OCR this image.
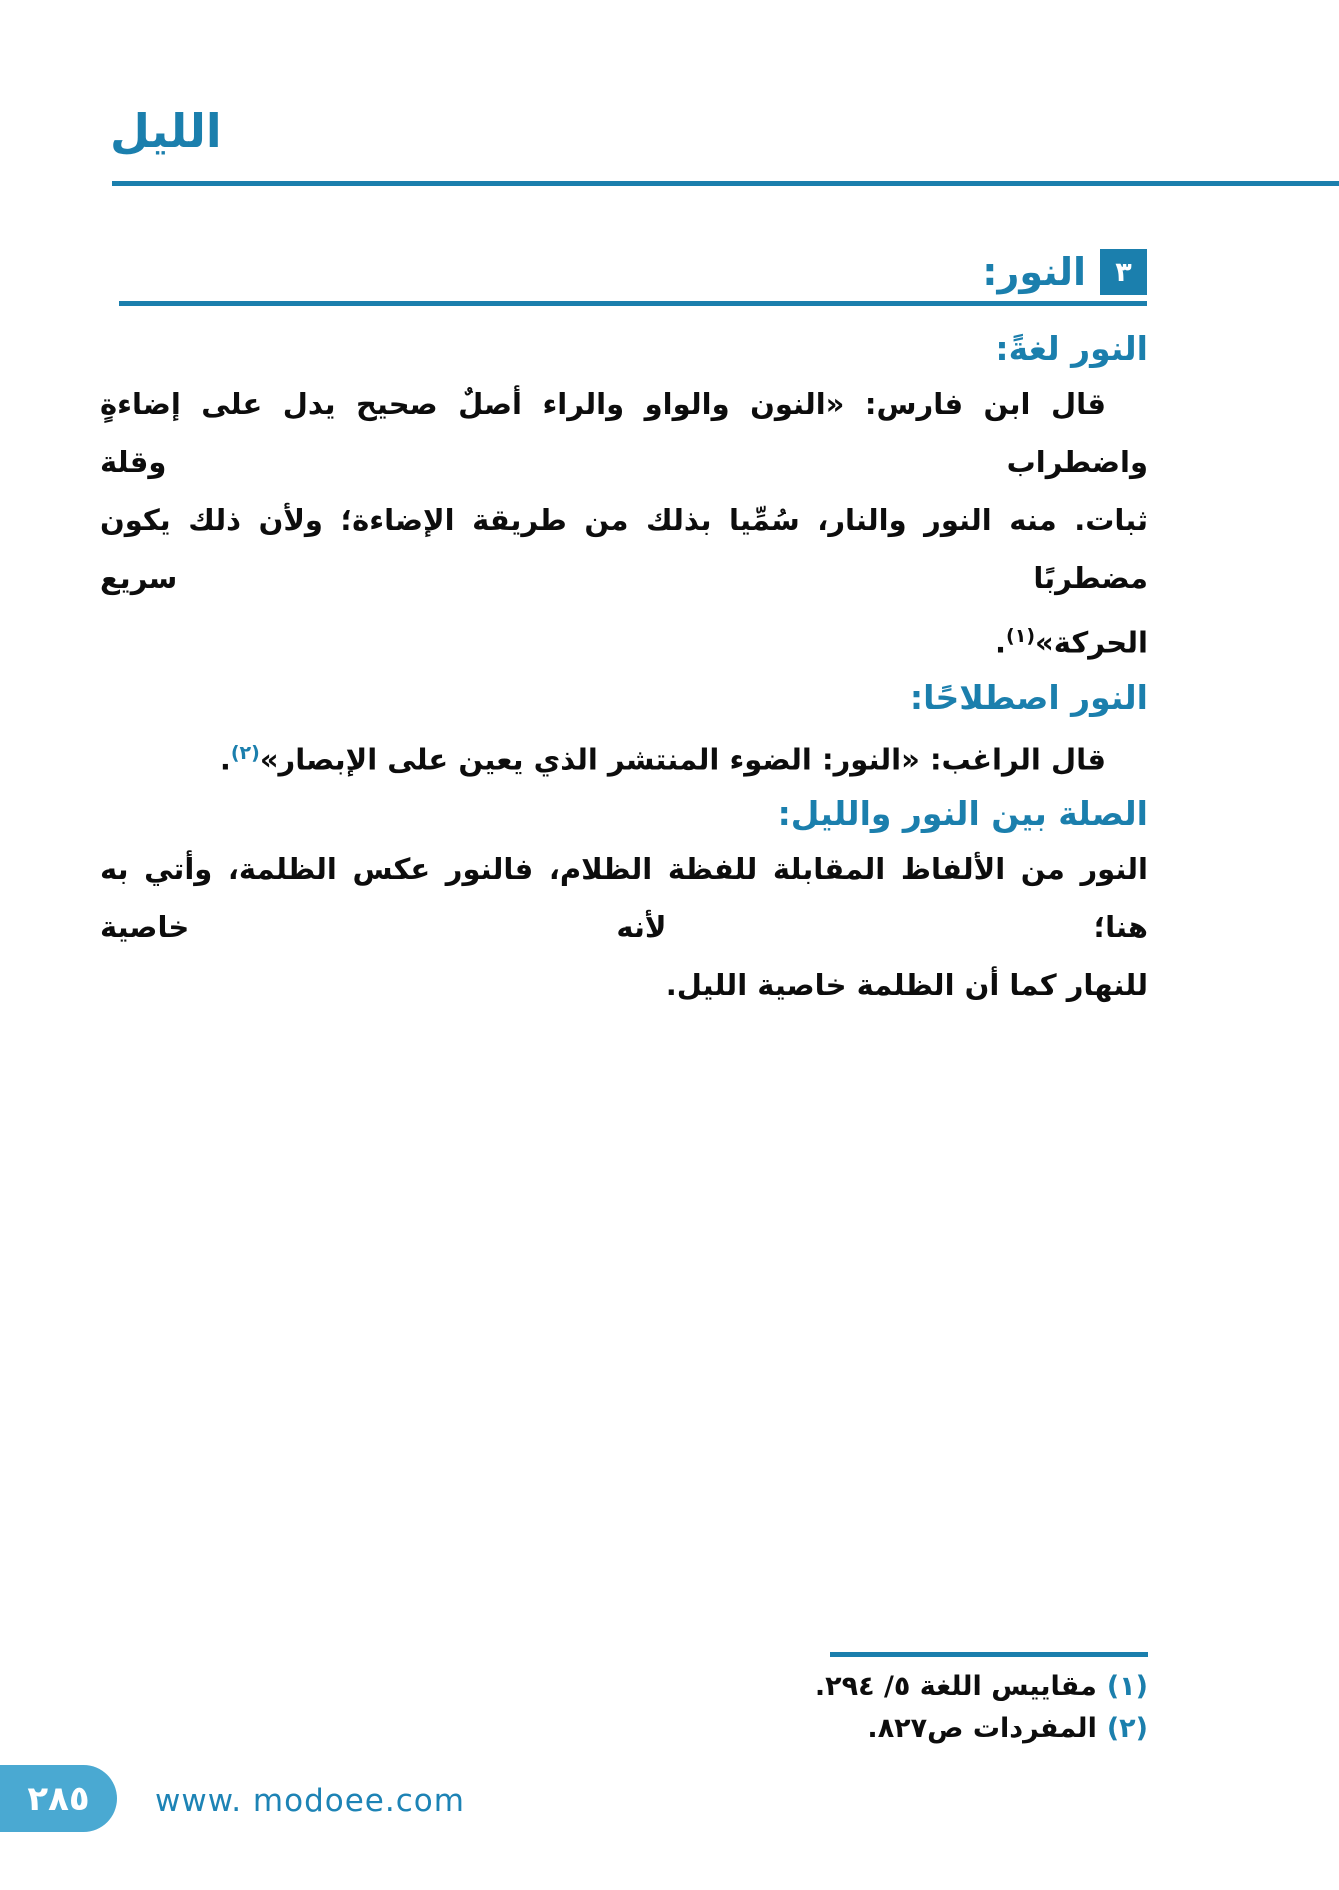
الليل
النور: ٣
النور لغةً:
قال ابن فارس: «النون والواو والراء أصلٌ صحيح يدل على إضاءةٍ واضطراب وقلة
ثبات. منه النور والنار، سُمِّيا بذلك من طريقة الإضاءة؛ ولأن ذلك يكون مضطربًا سريع
الحركة»$^{(١)}$.
النور اصطلاحًا:
قال الراغب: «النور: الضوء المنتشر الذي يعين على الإبصار»$^{(٢)}$.
الصلة بين النور والليل:
النور من الألفاظ المقابلة للفظة الظلام، فالنور عكس الظلمة، وأتي به هنا؛ لأنه خاصية
للنهار كما أن الظلمة خاصية الليل.
(١)مقاييس اللغة ٥/ ٢٩٤.
(٢)المفردات ص٨٢٧.
٢٨٥ www. modoee.com
